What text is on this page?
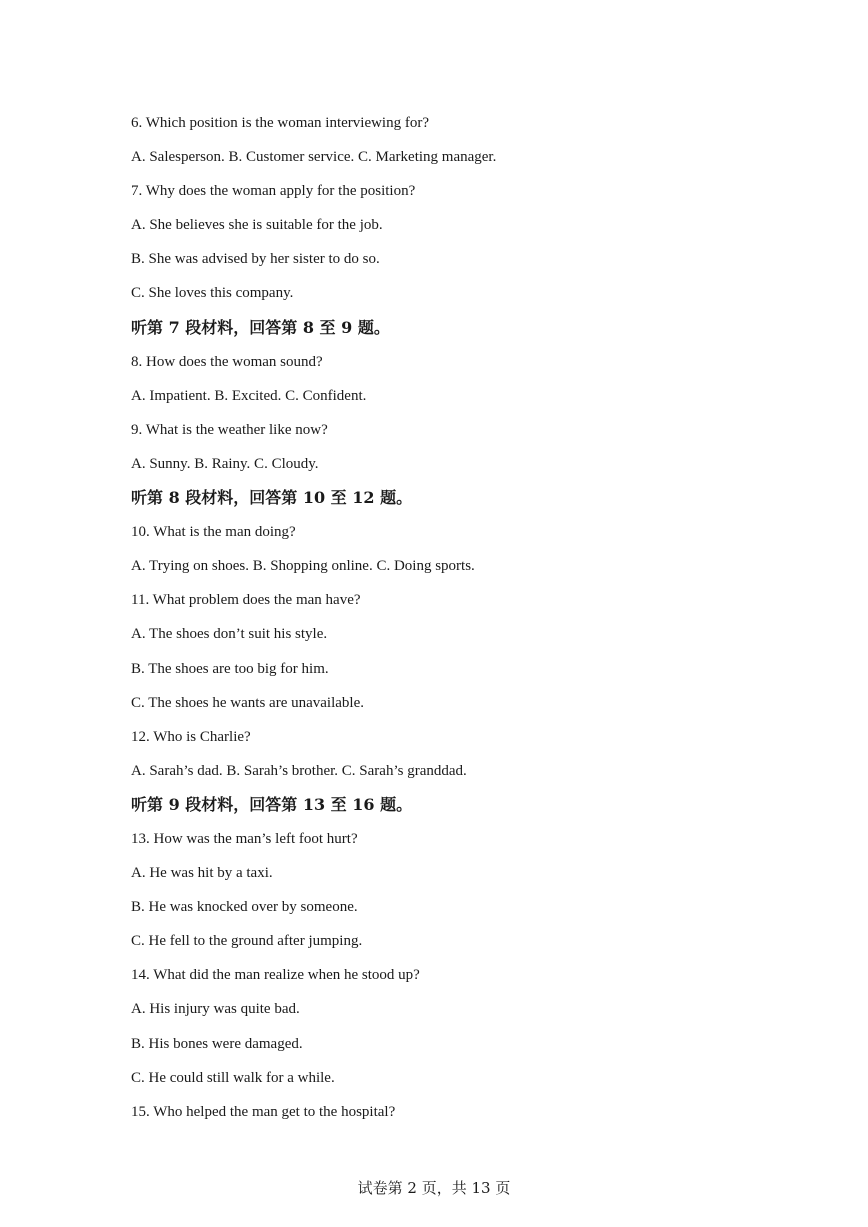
6. Which position is the woman interviewing for?
A. Salesperson. B. Customer service. C. Marketing manager.
7. Why does the woman apply for the position?
A. She believes she is suitable for the job.
B. She was advised by her sister to do so.
C. She loves this company.
听第 7 段材料，回答第 8 至 9 题。
8. How does the woman sound?
A. Impatient. B. Excited. C. Confident.
9. What is the weather like now?
A. Sunny. B. Rainy. C. Cloudy.
听第 8 段材料，回答第 10 至 12 题。
10. What is the man doing?
A. Trying on shoes. B. Shopping online. C. Doing sports.
11. What problem does the man have?
A. The shoes don’t suit his style.
B. The shoes are too big for him.
C. The shoes he wants are unavailable.
12. Who is Charlie?
A. Sarah’s dad. B. Sarah’s brother. C. Sarah’s granddad.
听第 9 段材料，回答第 13 至 16 题。
13. How was the man’s left foot hurt?
A. He was hit by a taxi.
B. He was knocked over by someone.
C. He fell to the ground after jumping.
14. What did the man realize when he stood up?
A. His injury was quite bad.
B. His bones were damaged.
C. He could still walk for a while.
15. Who helped the man get to the hospital?
试卷第 2 页，共 13 页
